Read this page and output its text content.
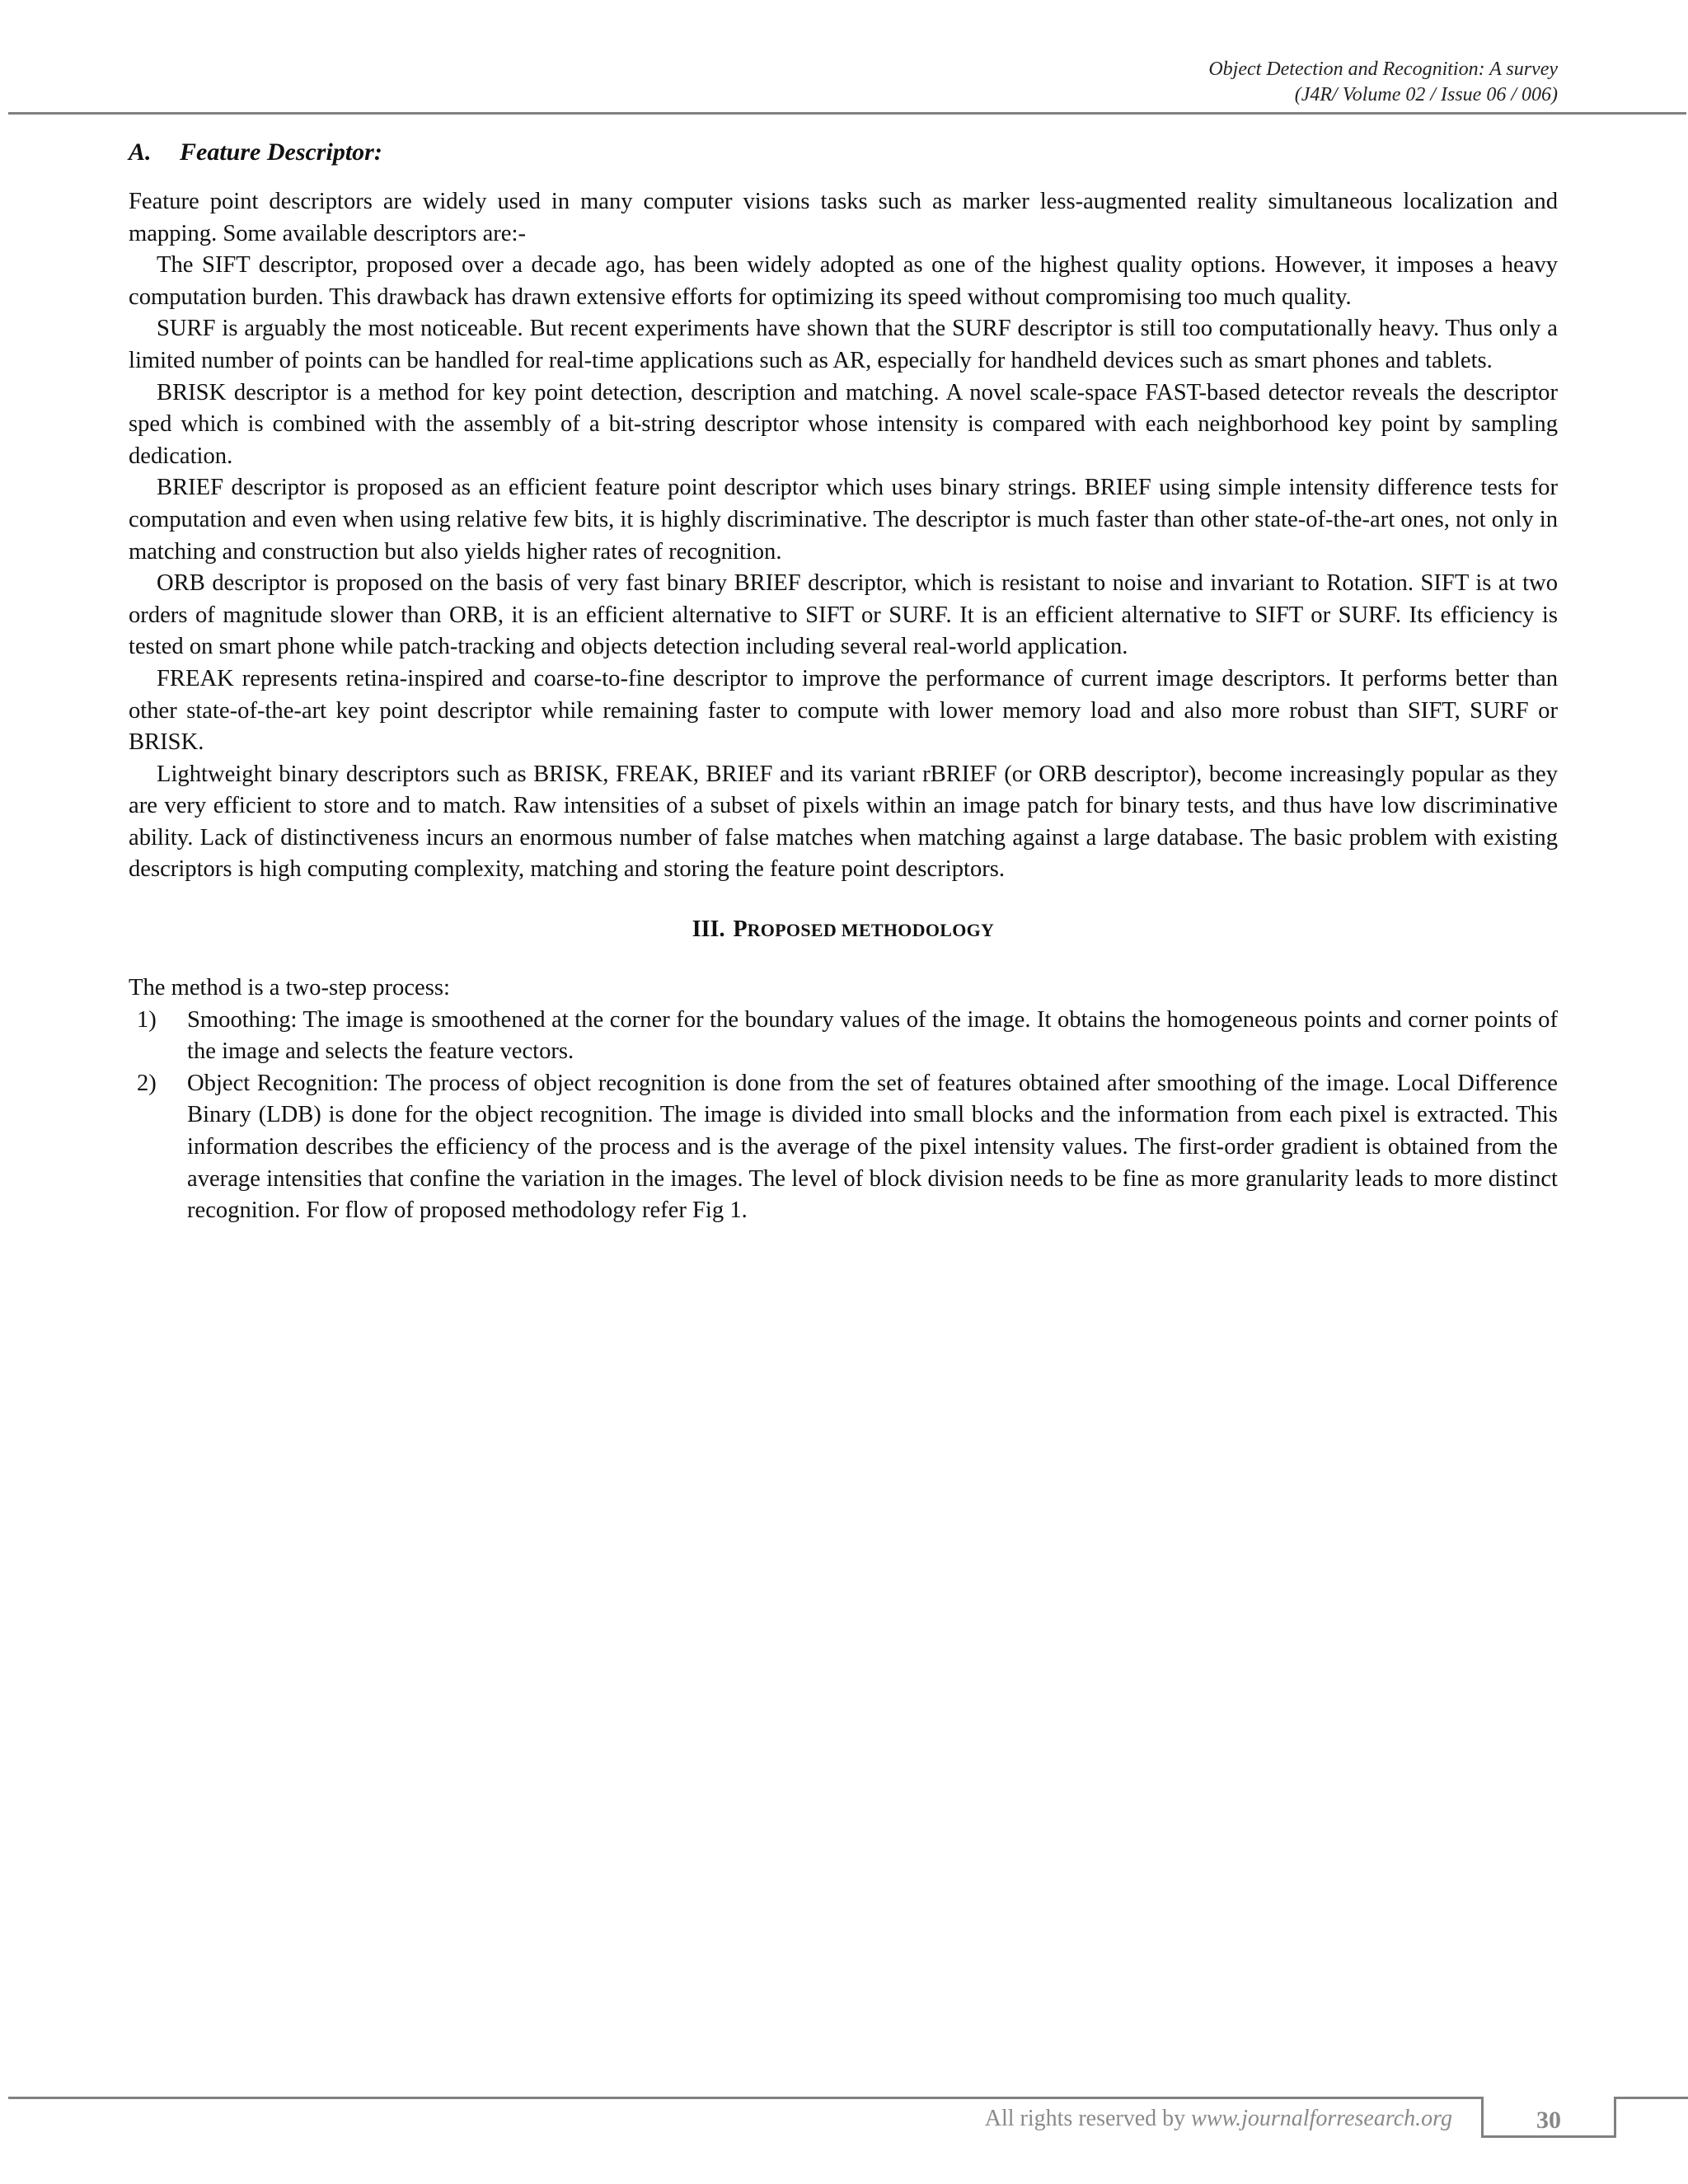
Object Detection and Recognition: A survey
(J4R/ Volume 02 / Issue 06 / 006)
A. Feature Descriptor:

Feature point descriptors are widely used in many computer visions tasks such as marker less-augmented reality simultaneous localization and mapping. Some available descriptors are:-

The SIFT descriptor, proposed over a decade ago, has been widely adopted as one of the highest quality options. However, it imposes a heavy computation burden. This drawback has drawn extensive efforts for optimizing its speed without compromising too much quality.

SURF is arguably the most noticeable. But recent experiments have shown that the SURF descriptor is still too computationally heavy. Thus only a limited number of points can be handled for real-time applications such as AR, especially for handheld devices such as smart phones and tablets.

BRISK descriptor is a method for key point detection, description and matching. A novel scale-space FAST-based detector reveals the descriptor sped which is combined with the assembly of a bit-string descriptor whose intensity is compared with each neighborhood key point by sampling dedication.

BRIEF descriptor is proposed as an efficient feature point descriptor which uses binary strings. BRIEF using simple intensity difference tests for computation and even when using relative few bits, it is highly discriminative. The descriptor is much faster than other state-of-the-art ones, not only in matching and construction but also yields higher rates of recognition.

ORB descriptor is proposed on the basis of very fast binary BRIEF descriptor, which is resistant to noise and invariant to Rotation. SIFT is at two orders of magnitude slower than ORB, it is an efficient alternative to SIFT or SURF. It is an efficient alternative to SIFT or SURF. Its efficiency is tested on smart phone while patch-tracking and objects detection including several real-world application.

FREAK represents retina-inspired and coarse-to-fine descriptor to improve the performance of current image descriptors. It performs better than other state-of-the-art key point descriptor while remaining faster to compute with lower memory load and also more robust than SIFT, SURF or BRISK.

Lightweight binary descriptors such as BRISK, FREAK, BRIEF and its variant rBRIEF (or ORB descriptor), become increasingly popular as they are very efficient to store and to match. Raw intensities of a subset of pixels within an image patch for binary tests, and thus have low discriminative ability. Lack of distinctiveness incurs an enormous number of false matches when matching against a large database. The basic problem with existing descriptors is high computing complexity, matching and storing the feature point descriptors.

III. PROPOSED METHODOLOGY

The method is a two-step process:

1) Smoothing: The image is smoothened at the corner for the boundary values of the image. It obtains the homogeneous points and corner points of the image and selects the feature vectors.
2) Object Recognition: The process of object recognition is done from the set of features obtained after smoothing of the image. Local Difference Binary (LDB) is done for the object recognition. The image is divided into small blocks and the information from each pixel is extracted. This information describes the efficiency of the process and is the average of the pixel intensity values. The first-order gradient is obtained from the average intensities that confine the variation in the images. The level of block division needs to be fine as more granularity leads to more distinct recognition. For flow of proposed methodology refer Fig 1.
All rights reserved by www.journalforresearch.org	30
